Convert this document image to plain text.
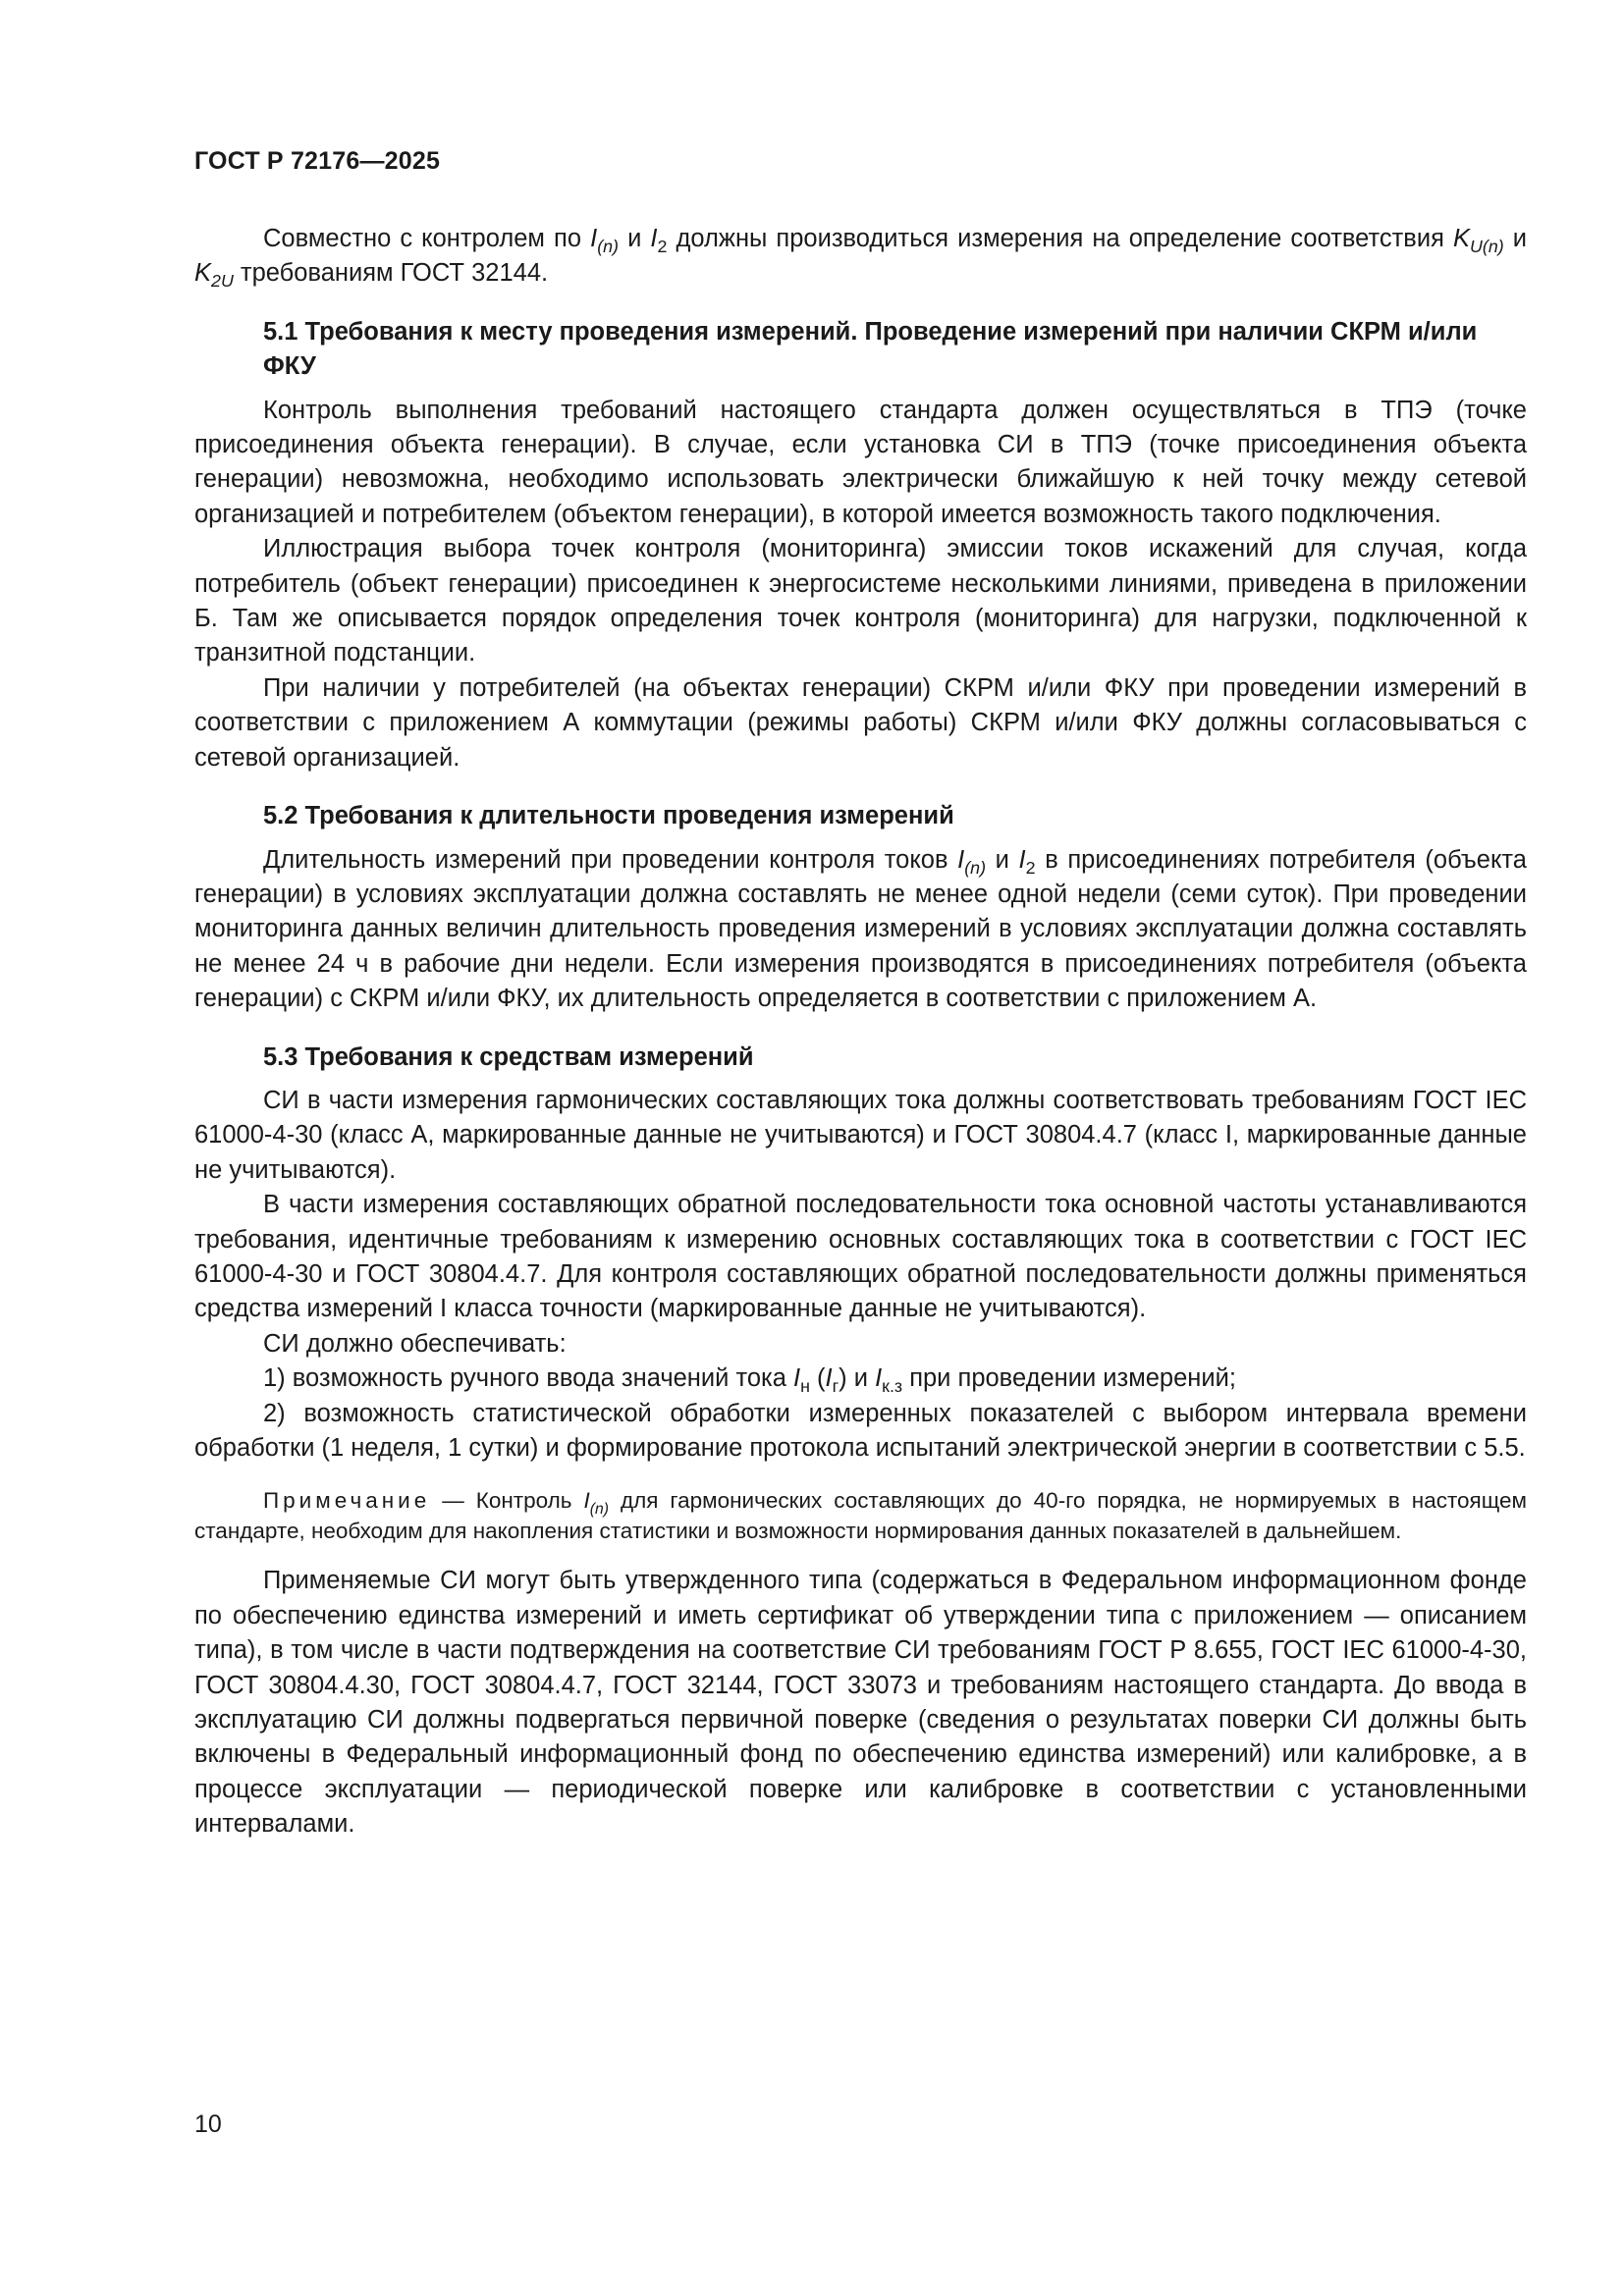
ГОСТ Р 72176—2025

Совместно с контролем по $I_{(n)}$ и $I_2$ должны производиться измерения на определение соответствия $K_{U(n)}$ и $K_{2U}$ требованиям ГОСТ 32144.

5.1 Требования к месту проведения измерений. Проведение измерений при наличии СКРМ и/или ФКУ

Контроль выполнения требований настоящего стандарта должен осуществляться в ТПЭ (точке присоединения объекта генерации). В случае, если установка СИ в ТПЭ (точке присоединения объекта генерации) невозможна, необходимо использовать электрически ближайшую к ней точку между сетевой организацией и потребителем (объектом генерации), в которой имеется возможность такого подключения.

Иллюстрация выбора точек контроля (мониторинга) эмиссии токов искажений для случая, когда потребитель (объект генерации) присоединен к энергосистеме несколькими линиями, приведена в приложении Б. Там же описывается порядок определения точек контроля (мониторинга) для нагрузки, подключенной к транзитной подстанции.

При наличии у потребителей (на объектах генерации) СКРМ и/или ФКУ при проведении измерений в соответствии с приложением А коммутации (режимы работы) СКРМ и/или ФКУ должны согласовываться с сетевой организацией.

5.2 Требования к длительности проведения измерений

Длительность измерений при проведении контроля токов $I_{(n)}$ и $I_2$ в присоединениях потребителя (объекта генерации) в условиях эксплуатации должна составлять не менее одной недели (семи суток). При проведении мониторинга данных величин длительность проведения измерений в условиях эксплуатации должна составлять не менее 24 ч в рабочие дни недели. Если измерения производятся в присоединениях потребителя (объекта генерации) с СКРМ и/или ФКУ, их длительность определяется в соответствии с приложением А.

5.3 Требования к средствам измерений

СИ в части измерения гармонических составляющих тока должны соответствовать требованиям ГОСТ IEC 61000-4-30 (класс A, маркированные данные не учитываются) и ГОСТ 30804.4.7 (класс I, маркированные данные не учитываются).

В части измерения составляющих обратной последовательности тока основной частоты устанавливаются требования, идентичные требованиям к измерению основных составляющих тока в соответствии с ГОСТ IEC 61000-4-30 и ГОСТ 30804.4.7. Для контроля составляющих обратной последовательности должны применяться средства измерений I класса точности (маркированные данные не учитываются).

СИ должно обеспечивать:

1) возможность ручного ввода значений тока $I_н$ $(I_г)$ и $I_{к.з}$ при проведении измерений;

2) возможность статистической обработки измеренных показателей с выбором интервала времени обработки (1 неделя, 1 сутки) и формирование протокола испытаний электрической энергии в соответствии с 5.5.

Примечание — Контроль $I_{(n)}$ для гармонических составляющих до 40-го порядка, не нормируемых в настоящем стандарте, необходим для накопления статистики и возможности нормирования данных показателей в дальнейшем.

Применяемые СИ могут быть утвержденного типа (содержаться в Федеральном информационном фонде по обеспечению единства измерений и иметь сертификат об утверждении типа с приложением — описанием типа), в том числе в части подтверждения на соответствие СИ требованиям ГОСТ Р 8.655, ГОСТ IEC 61000-4-30, ГОСТ 30804.4.30, ГОСТ 30804.4.7, ГОСТ 32144, ГОСТ 33073 и требованиям настоящего стандарта. До ввода в эксплуатацию СИ должны подвергаться первичной поверке (сведения о результатах поверки СИ должны быть включены в Федеральный информационный фонд по обеспечению единства измерений) или калибровке, а в процессе эксплуатации — периодической поверке или калибровке в соответствии с установленными интервалами.

10
